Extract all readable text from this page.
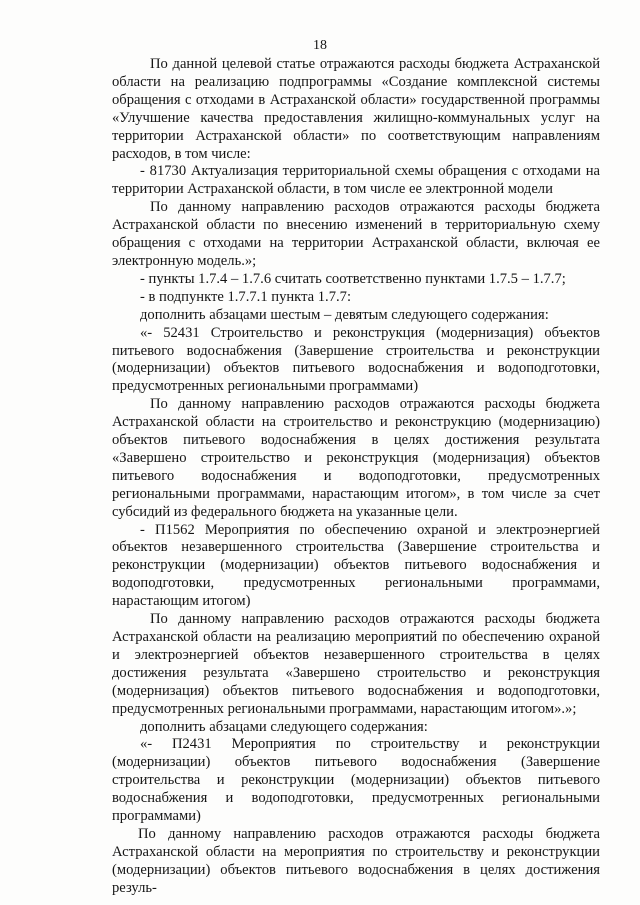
18

По данной целевой статье отражаются расходы бюджета Астраханской области на реализацию подпрограммы «Создание комплексной системы обращения с отходами в Астраханской области» государственной программы «Улучшение качества предоставления жилищно-коммунальных услуг на территории Астраханской области» по соответствующим направлениям расходов, в том числе:

- 81730 Актуализация территориальной схемы обращения с отходами на территории Астраханской области, в том числе ее электронной модели

По данному направлению расходов отражаются расходы бюджета Астраханской области по внесению изменений в территориальную схему обращения с отходами на территории Астраханской области, включая ее электронную модель.»;

- пункты 1.7.4 – 1.7.6 считать соответственно пунктами 1.7.5 – 1.7.7;

- в подпункте 1.7.7.1 пункта 1.7.7:

дополнить абзацами шестым – девятым следующего содержания:

«- 52431 Строительство и реконструкция (модернизация) объектов питьевого водоснабжения (Завершение строительства и реконструкции (модернизации) объектов питьевого водоснабжения и водоподготовки, предусмотренных региональными программами)

По данному направлению расходов отражаются расходы бюджета Астраханской области на строительство и реконструкцию (модернизацию) объектов питьевого водоснабжения в целях достижения результата «Завершено строительство и реконструкция (модернизация) объектов питьевого водоснабжения и водоподготовки, предусмотренных региональными программами, нарастающим итогом», в том числе за счет субсидий из федерального бюджета на указанные цели.

- П1562 Мероприятия по обеспечению охраной и электроэнергией объектов незавершенного строительства (Завершение строительства и реконструкции (модернизации) объектов питьевого водоснабжения и водоподготовки, предусмотренных региональными программами, нарастающим итогом)

По данному направлению расходов отражаются расходы бюджета Астраханской области на реализацию мероприятий по обеспечению охраной и электроэнергией объектов незавершенного строительства в целях достижения результата «Завершено строительство и реконструкция (модернизация) объектов питьевого водоснабжения и водоподготовки, предусмотренных региональными программами, нарастающим итогом».»;

дополнить абзацами следующего содержания:

«- П2431 Мероприятия по строительству и реконструкции (модернизации) объектов питьевого водоснабжения (Завершение строительства и реконструкции (модернизации) объектов питьевого водоснабжения и водоподготовки, предусмотренных региональными программами)

По данному направлению расходов отражаются расходы бюджета Астраханской области на мероприятия по строительству и реконструкции (модернизации) объектов питьевого водоснабжения в целях достижения резуль-
